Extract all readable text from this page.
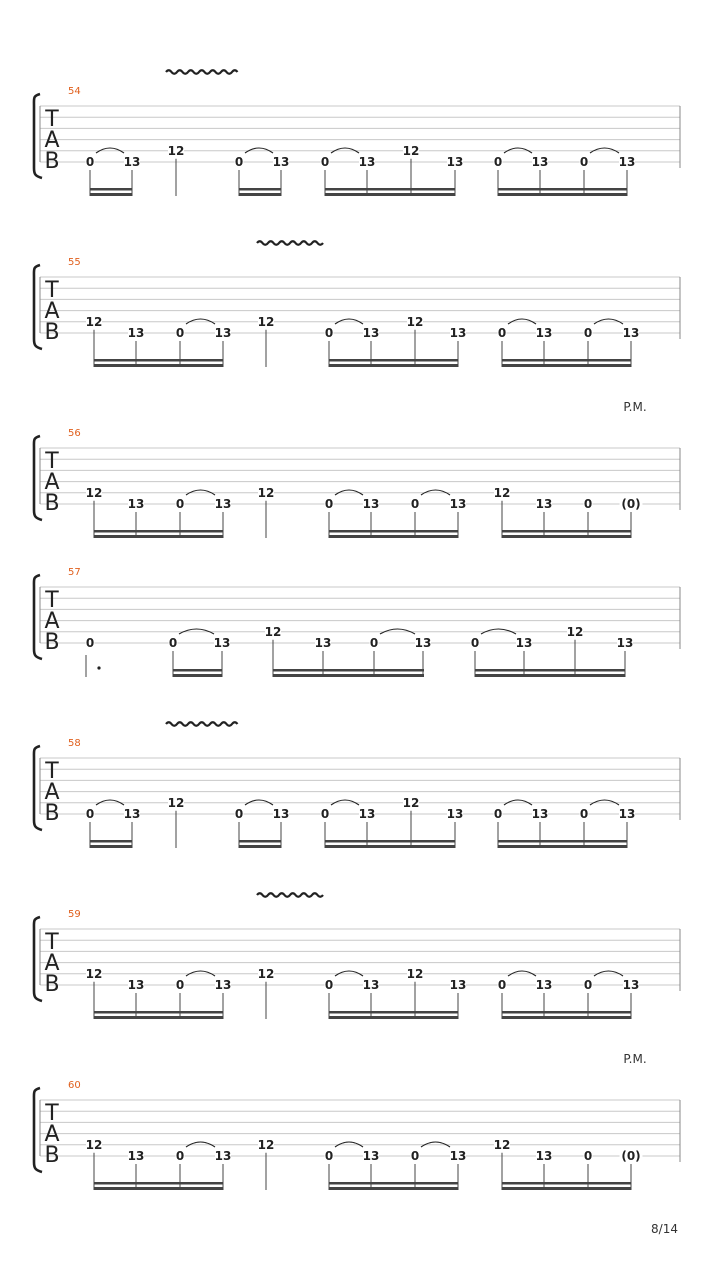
T
A
B
54
0 13
12
0 13	0 13
12
13	0 13	0	13
T
A
B
55
12
13	0	13
12
0 13
12
13	0 13	0	13
T
A
B
56
P.M.
12
13	0	13
12
0 13	0	13
12
13	0 (0)
T
A
B
57
0	0	13
12
13	0	13	0	13
12
13
T
A
B
58
0 13
12
0 13	0 13
12
13	0 13	0	13
T
A
B
59
12
13	0	13
12
0 13
12
13	0 13	0	13
T
A
B
60
P.M.
12
13	0	13
12
0 13	0	13
12
13	0 (0)
8/14
